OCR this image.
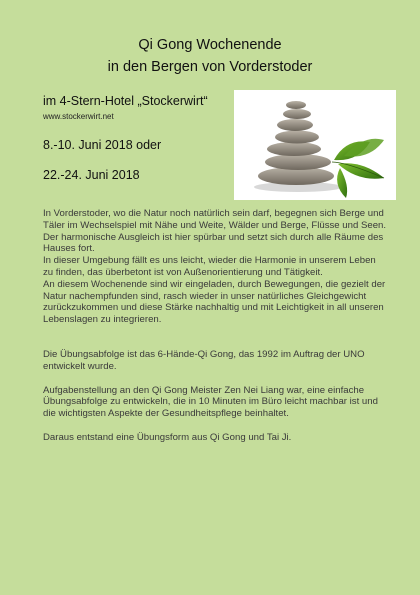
Qi Gong Wochenende
in den Bergen von Vorderstoder
im 4-Stern-Hotel „Stockerwirt“
www.stockerwirt.net
8.-10. Juni 2018 oder
22.-24. Juni 2018

In Vorderstoder, wo die Natur noch natürlich sein darf, begegnen sich Berge und Täler im Wechselspiel mit Nähe und Weite, Wälder und Berge, Flüsse und Seen. Der harmonische Ausgleich ist hier spürbar und setzt sich durch alle Räume des Hauses fort.

In dieser Umgebung fällt es uns leicht, wieder die Harmonie in unserem Leben zu finden, das überbetont ist von Außenorientierung und Tätigkeit.

An diesem Wochenende sind wir eingeladen, durch Bewegungen, die gezielt der Natur nachempfunden sind, rasch wieder in unser natürliches Gleichgewicht zurückzukommen und diese Stärke nachhaltig und mit Leichtigkeit in all unseren Lebenslagen zu integrieren.

Die Übungsabfolge ist das 6-Hände-Qi Gong, das 1992 im Auftrag der UNO entwickelt wurde.

Aufgabenstellung an den Qi Gong Meister Zen Nei Liang war, eine einfache Übungsabfolge zu entwickeln, die in 10 Minuten im Büro leicht machbar ist und die wichtigsten Aspekte der Gesundheitspflege beinhaltet.

Daraus entstand eine Übungsform aus Qi Gong und Tai Ji.
